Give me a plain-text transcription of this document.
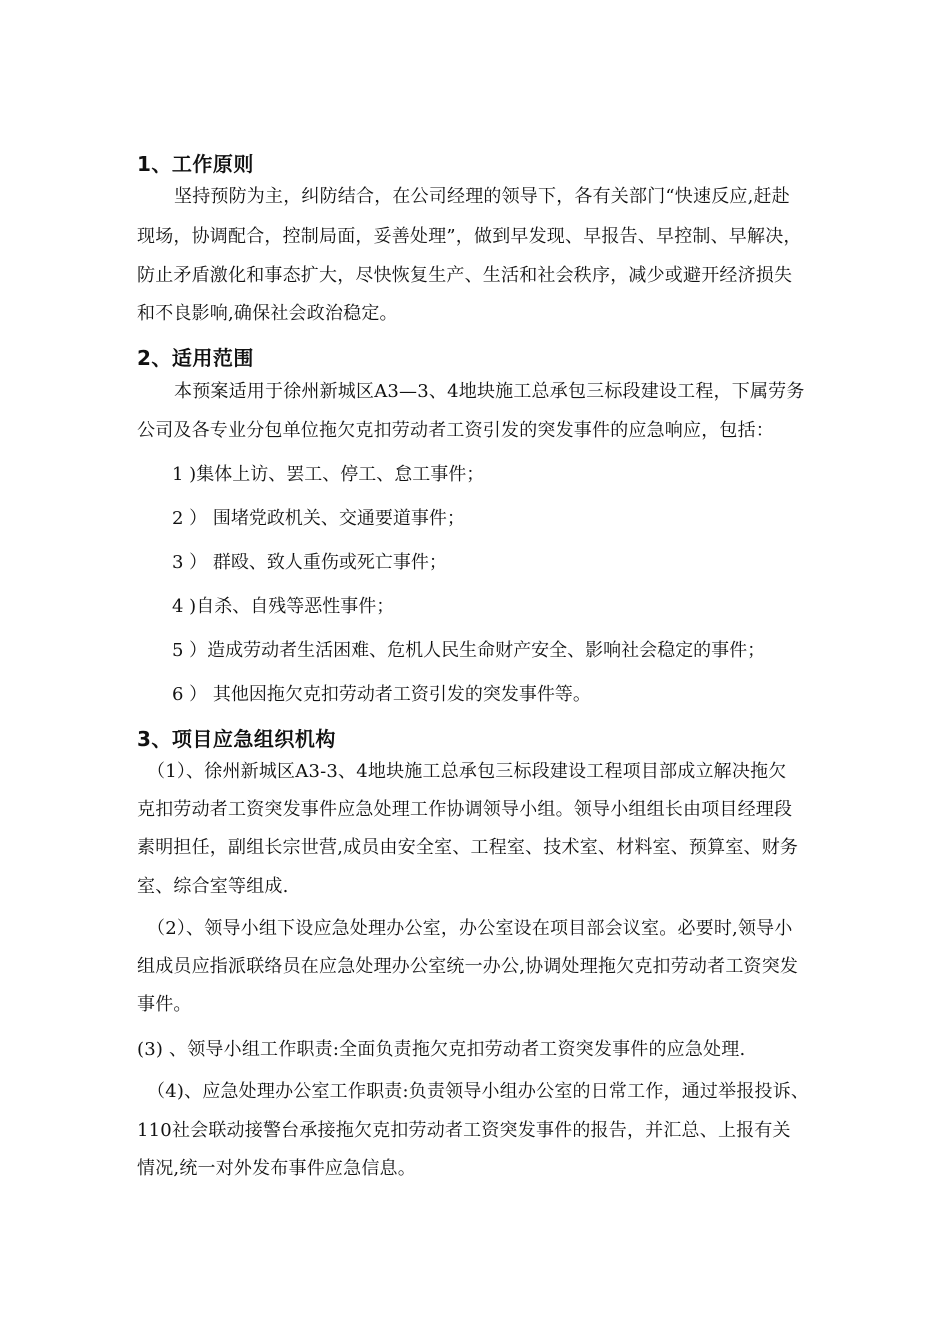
1、工作原则
坚持预防为主，纠防结合，在公司经理的领导下，各有关部门“快速反应,赶赴
现场，协调配合，控制局面，妥善处理”，做到早发现、早报告、早控制、早解决，
防止矛盾激化和事态扩大，尽快恢复生产、生活和社会秩序，减少或避开经济损失
和不良影响,确保社会政治稳定。
2、适用范围
本预案适用于徐州新城区A3—3、4地块施工总承包三标段建设工程，下属劳务
公司及各专业分包单位拖欠克扣劳动者工资引发的突发事件的应急响应，包括：
1 )集体上访、罢工、停工、怠工事件；
2 ） 围堵党政机关、交通要道事件；
3 ） 群殴、致人重伤或死亡事件；
4 )自杀、自残等恶性事件；
5 ）造成劳动者生活困难、危机人民生命财产安全、影响社会稳定的事件；
6 ） 其他因拖欠克扣劳动者工资引发的突发事件等。
3、项目应急组织机构
（1）、徐州新城区A3-3、4地块施工总承包三标段建设工程项目部成立解决拖欠
克扣劳动者工资突发事件应急处理工作协调领导小组。领导小组组长由项目经理段
素明担任，副组长宗世营,成员由安全室、工程室、技术室、材料室、预算室、财务
室、综合室等组成.
（2）、领导小组下设应急处理办公室，办公室设在项目部会议室。必要时,领导小
组成员应指派联络员在应急处理办公室统一办公,协调处理拖欠克扣劳动者工资突发
事件。
(3) 、领导小组工作职责:全面负责拖欠克扣劳动者工资突发事件的应急处理.
（4)、应急处理办公室工作职责:负责领导小组办公室的日常工作，通过举报投诉、
110社会联动接警台承接拖欠克扣劳动者工资突发事件的报告，并汇总、上报有关
情况,统一对外发布事件应急信息。
